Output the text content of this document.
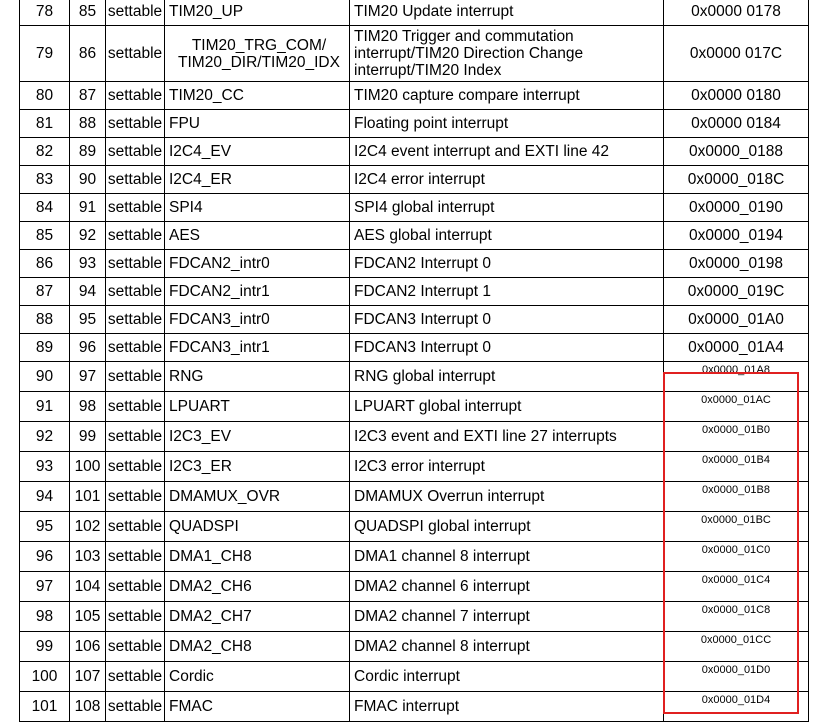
78	85	settable	TIM20_UP	TIM20 Update interrupt	0x0000 0178
79	86	settable	TIM20_TRG_COM/ TIM20_DIR/TIM20_IDX	TIM20 Trigger and commutation interrupt/TIM20 Direction Change interrupt/TIM20 Index	0x0000 017C
80	87	settable	TIM20_CC	TIM20 capture compare interrupt	0x0000 0180
81	88	settable	FPU	Floating point interrupt	0x0000 0184
82	89	settable	I2C4_EV	I2C4 event interrupt and EXTI line 42	0x0000_0188
83	90	settable	I2C4_ER	I2C4 error interrupt	0x0000_018C
84	91	settable	SPI4	SPI4 global interrupt	0x0000_0190
85	92	settable	AES	AES global interrupt	0x0000_0194
86	93	settable	FDCAN2_intr0	FDCAN2 Interrupt 0	0x0000_0198
87	94	settable	FDCAN2_intr1	FDCAN2 Interrupt 1	0x0000_019C
88	95	settable	FDCAN3_intr0	FDCAN3 Interrupt 0	0x0000_01A0
89	96	settable	FDCAN3_intr1	FDCAN3 Interrupt 0	0x0000_01A4
90	97	settable	RNG	RNG global interrupt	0x0000_01A8
91	98	settable	LPUART	LPUART global interrupt	0x0000_01AC
92	99	settable	I2C3_EV	I2C3 event and EXTI line 27 interrupts	0x0000_01B0
93	100	settable	I2C3_ER	I2C3 error interrupt	0x0000_01B4
94	101	settable	DMAMUX_OVR	DMAMUX Overrun interrupt	0x0000_01B8
95	102	settable	QUADSPI	QUADSPI global interrupt	0x0000_01BC
96	103	settable	DMA1_CH8	DMA1 channel 8 interrupt	0x0000_01C0
97	104	settable	DMA2_CH6	DMA2 channel 6 interrupt	0x0000_01C4
98	105	settable	DMA2_CH7	DMA2 channel 7 interrupt	0x0000_01C8
99	106	settable	DMA2_CH8	DMA2 channel 8 interrupt	0x0000_01CC
100	107	settable	Cordic	Cordic interrupt	0x0000_01D0
101	108	settable	FMAC	FMAC interrupt	0x0000_01D4
